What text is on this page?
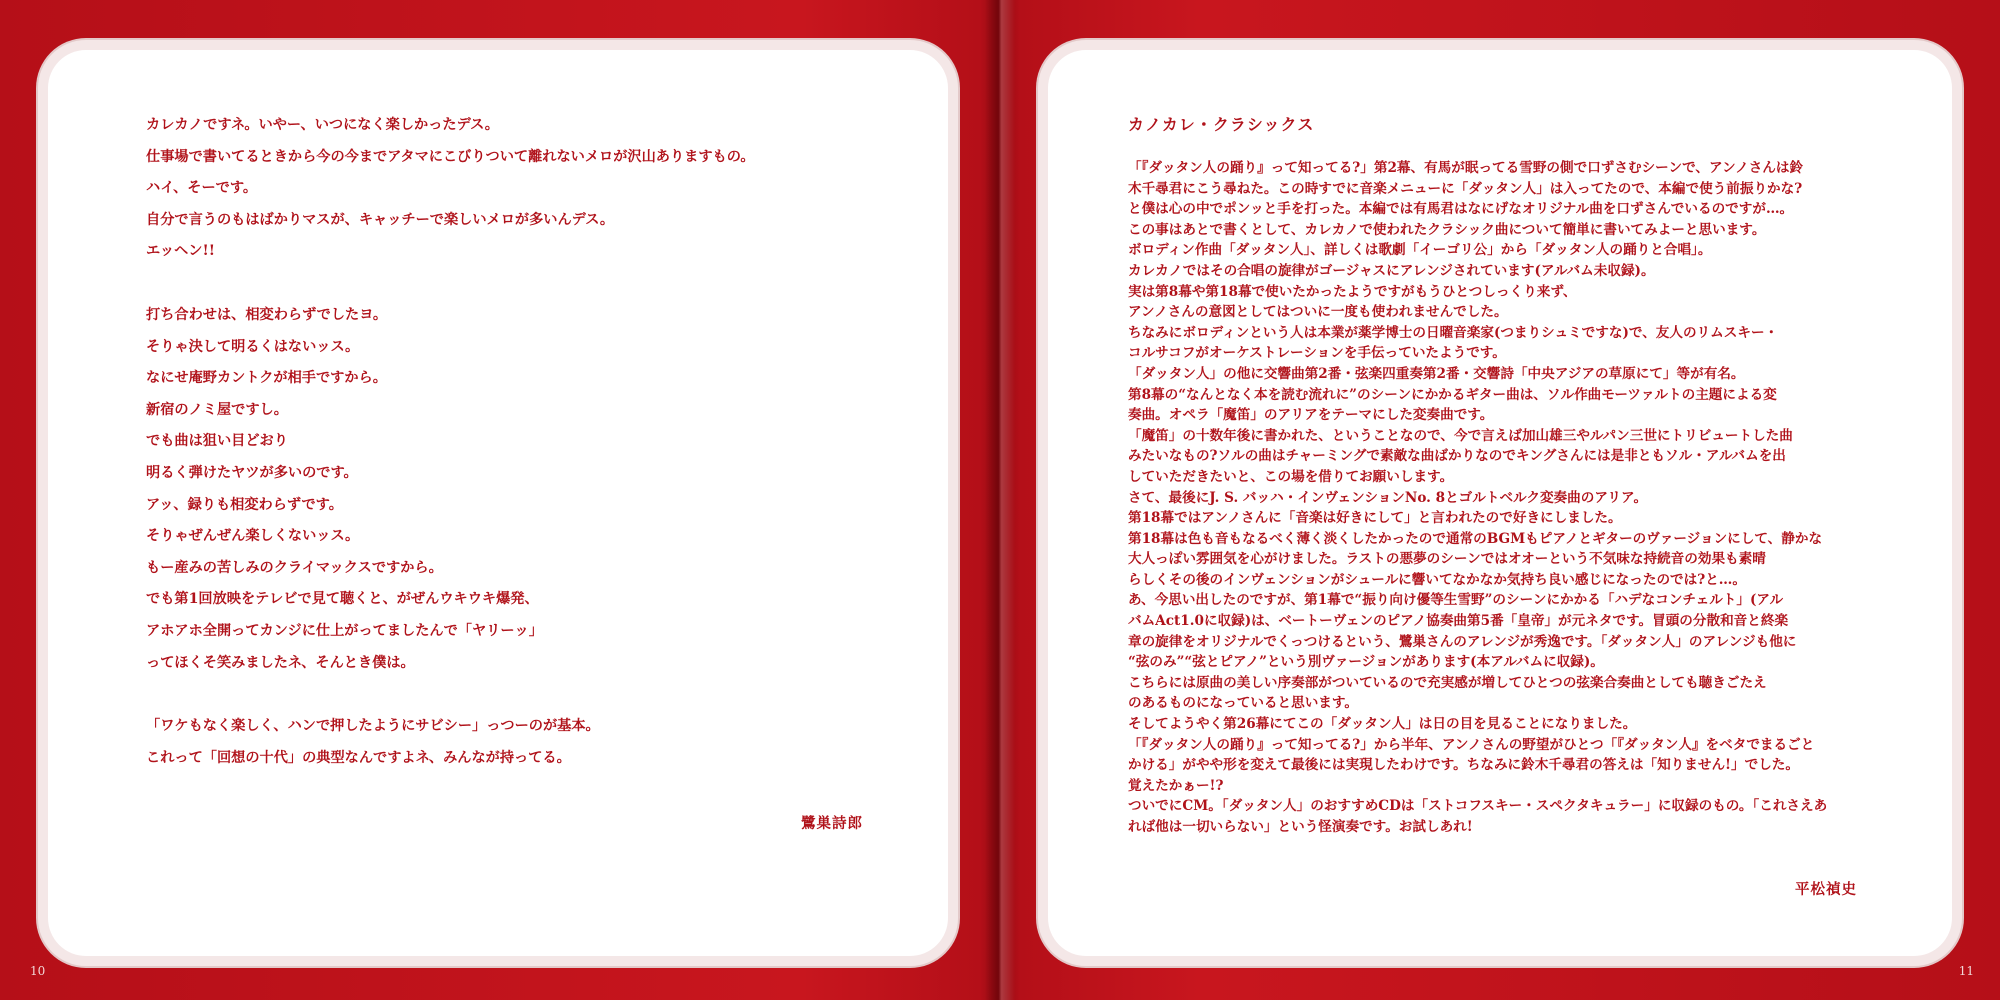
カレカノですネ。いやー、いつになく楽しかったデス。

仕事場で書いてるときから今の今までアタマにこびりついて離れないメロが沢山ありますもの。

ハイ、そーです。

自分で言うのもはばかりマスが、キャッチーで楽しいメロが多いんデス。

エッヘン!!

打ち合わせは、相変わらずでしたヨ。

そりゃ決して明るくはないッス。

なにせ庵野カントクが相手ですから。

新宿のノミ屋ですし。

でも曲は狙い目どおり

明るく弾けたヤツが多いのです。

アッ、録りも相変わらずです。

そりゃぜんぜん楽しくないッス。

もー産みの苦しみのクライマックスですから。

でも第1回放映をテレビで見て聴くと、がぜんウキウキ爆発、

アホアホ全開ってカンジに仕上がってましたんで「ヤリーッ」

ってほくそ笑みましたネ、そんとき僕は。

「ワケもなく楽しく、ハンで押したようにサビシー」っつーのが基本。

これって「回想の十代」の典型なんですよネ、みんなが持ってる。

鷺巣詩郎
カノカレ・クラシックス

「『ダッタン人の踊り』って知ってる?」第2幕、有馬が眠ってる雪野の側で口ずさむシーンで、アンノさんは鈴

木千尋君にこう尋ねた。この時すでに音楽メニューに「ダッタン人」は入ってたので、本編で使う前振りかな?

と僕は心の中でポンッと手を打った。本編では有馬君はなにげなオリジナル曲を口ずさんでいるのですが…。

この事はあとで書くとして、カレカノで使われたクラシック曲について簡単に書いてみよーと思います。

ボロディン作曲「ダッタン人」、詳しくは歌劇「イーゴリ公」から「ダッタン人の踊りと合唱」。

カレカノではその合唱の旋律がゴージャスにアレンジされています(アルバム未収録)。

実は第8幕や第18幕で使いたかったようですがもうひとつしっくり来ず、

アンノさんの意図としてはついに一度も使われませんでした。

ちなみにボロディンという人は本業が薬学博士の日曜音楽家(つまりシュミですな)で、友人のリムスキー・

コルサコフがオーケストレーションを手伝っていたようです。

「ダッタン人」の他に交響曲第2番・弦楽四重奏第2番・交響詩「中央アジアの草原にて」等が有名。

第8幕の“なんとなく本を読む流れに”のシーンにかかるギター曲は、ソル作曲モーツァルトの主題による変

奏曲。オペラ「魔笛」のアリアをテーマにした変奏曲です。

「魔笛」の十数年後に書かれた、ということなので、今で言えば加山雄三やルパン三世にトリビュートした曲

みたいなもの?ソルの曲はチャーミングで素敵な曲ばかりなのでキングさんには是非ともソル・アルバムを出

していただきたいと、この場を借りてお願いします。

さて、最後にJ. S. バッハ・インヴェンションNo. 8とゴルトベルク変奏曲のアリア。

第18幕ではアンノさんに「音楽は好きにして」と言われたので好きにしました。

第18幕は色も音もなるべく薄く淡くしたかったので通常のBGMもピアノとギターのヴァージョンにして、静かな

大人っぽい雰囲気を心がけました。ラストの悪夢のシーンではオオーという不気味な持続音の効果も素晴

らしくその後のインヴェンションがシュールに響いてなかなか気持ち良い感じになったのでは?と…。

あ、今思い出したのですが、第1幕で“振り向け優等生雪野”のシーンにかかる「ハデなコンチェルト」(アル

バムAct1.0に収録)は、ベートーヴェンのピアノ協奏曲第5番「皇帝」が元ネタです。冒頭の分散和音と終楽

章の旋律をオリジナルでくっつけるという、鷺巣さんのアレンジが秀逸です。「ダッタン人」のアレンジも他に

“弦のみ”“弦とピアノ”という別ヴァージョンがあります(本アルバムに収録)。

こちらには原曲の美しい序奏部がついているので充実感が増してひとつの弦楽合奏曲としても聴きごたえ

のあるものになっていると思います。

そしてようやく第26幕にてこの「ダッタン人」は日の目を見ることになりました。

「『ダッタン人の踊り』って知ってる?」から半年、アンノさんの野望がひとつ「『ダッタン人』をベタでまるごと

かける」がやや形を変えて最後には実現したわけです。ちなみに鈴木千尋君の答えは「知りません!」でした。

覚えたかぁー!?

ついでにCM。「ダッタン人」のおすすめCDは「ストコフスキー・スペクタキュラー」に収録のもの。「これさえあ

れば他は一切いらない」という怪演奏です。お試しあれ!

平松禎史
10	11
